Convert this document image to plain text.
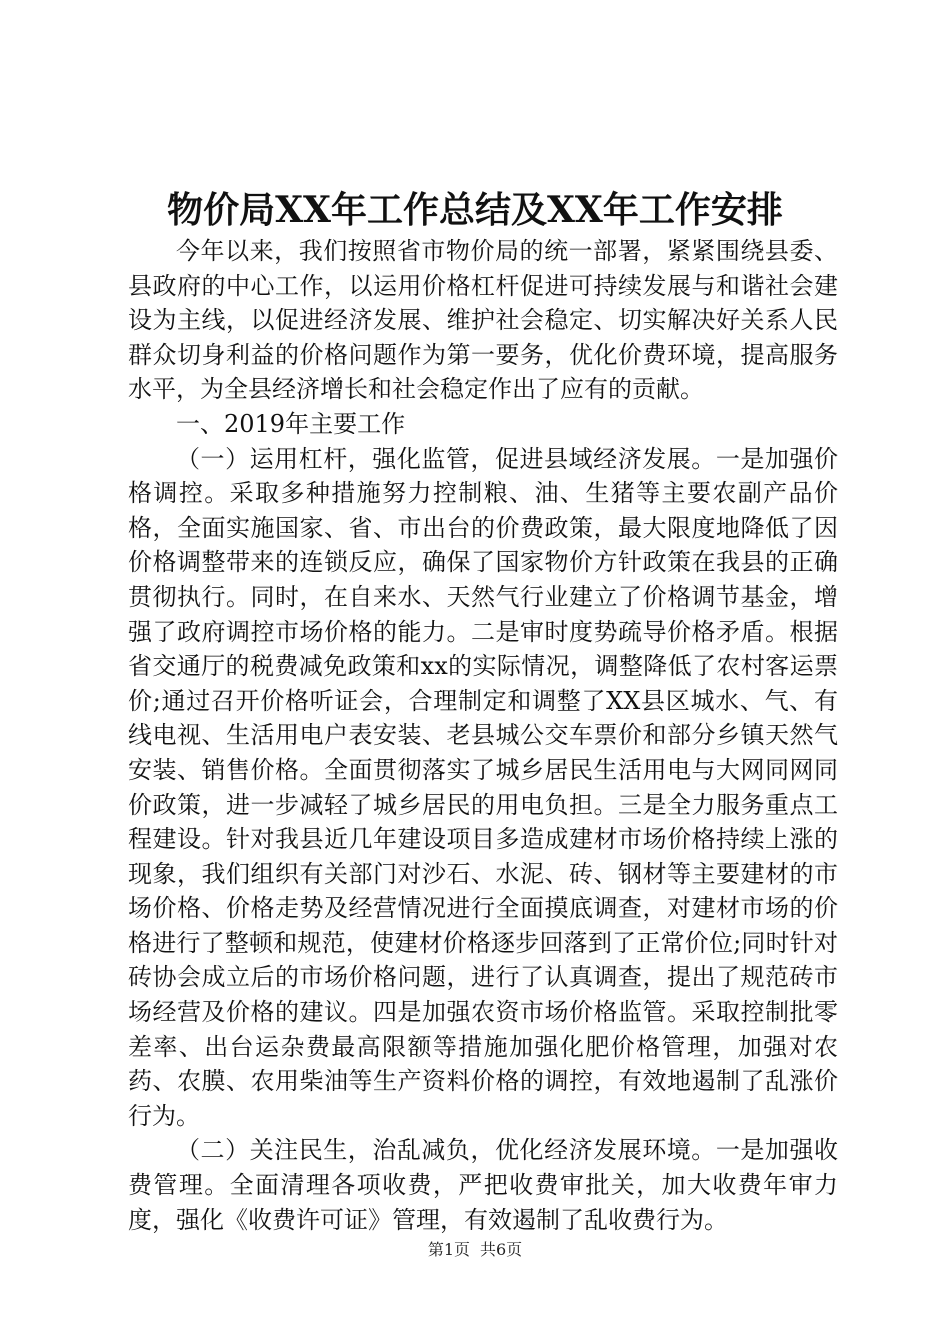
物价局XX年工作总结及XX年工作安排

今年以来，我们按照省市物价局的统一部署，紧紧围绕县委、县政府的中心工作，以运用价格杠杆促进可持续发展与和谐社会建设为主线，以促进经济发展、维护社会稳定、切实解决好关系人民群众切身利益的价格问题作为第一要务，优化价费环境，提高服务水平，为全县经济增长和社会稳定作出了应有的贡献。

一、2019年主要工作

（一）运用杠杆，强化监管，促进县域经济发展。一是加强价格调控。采取多种措施努力控制粮、油、生猪等主要农副产品价格，全面实施国家、省、市出台的价费政策，最大限度地降低了因价格调整带来的连锁反应，确保了国家物价方针政策在我县的正确贯彻执行。同时，在自来水、天然气行业建立了价格调节基金，增强了政府调控市场价格的能力。二是审时度势疏导价格矛盾。根据省交通厅的税费减免政策和xx的实际情况，调整降低了农村客运票价;通过召开价格听证会，合理制定和调整了XX县区城水、气、有线电视、生活用电户表安装、老县城公交车票价和部分乡镇天然气安装、销售价格。全面贯彻落实了城乡居民生活用电与大网同网同价政策，进一步减轻了城乡居民的用电负担。三是全力服务重点工程建设。针对我县近几年建设项目多造成建材市场价格持续上涨的现象，我们组织有关部门对沙石、水泥、砖、钢材等主要建材的市场价格、价格走势及经营情况进行全面摸底调查，对建材市场的价格进行了整顿和规范，使建材价格逐步回落到了正常价位;同时针对砖协会成立后的市场价格问题，进行了认真调查，提出了规范砖市场经营及价格的建议。四是加强农资市场价格监管。采取控制批零差率、出台运杂费最高限额等措施加强化肥价格管理，加强对农药、农膜、农用柴油等生产资料价格的调控，有效地遏制了乱涨价行为。

（二）关注民生，治乱减负，优化经济发展环境。一是加强收费管理。全面清理各项收费，严把收费审批关，加大收费年审力度，强化《收费许可证》管理，有效遏制了乱收费行为。

第1页 共6页
